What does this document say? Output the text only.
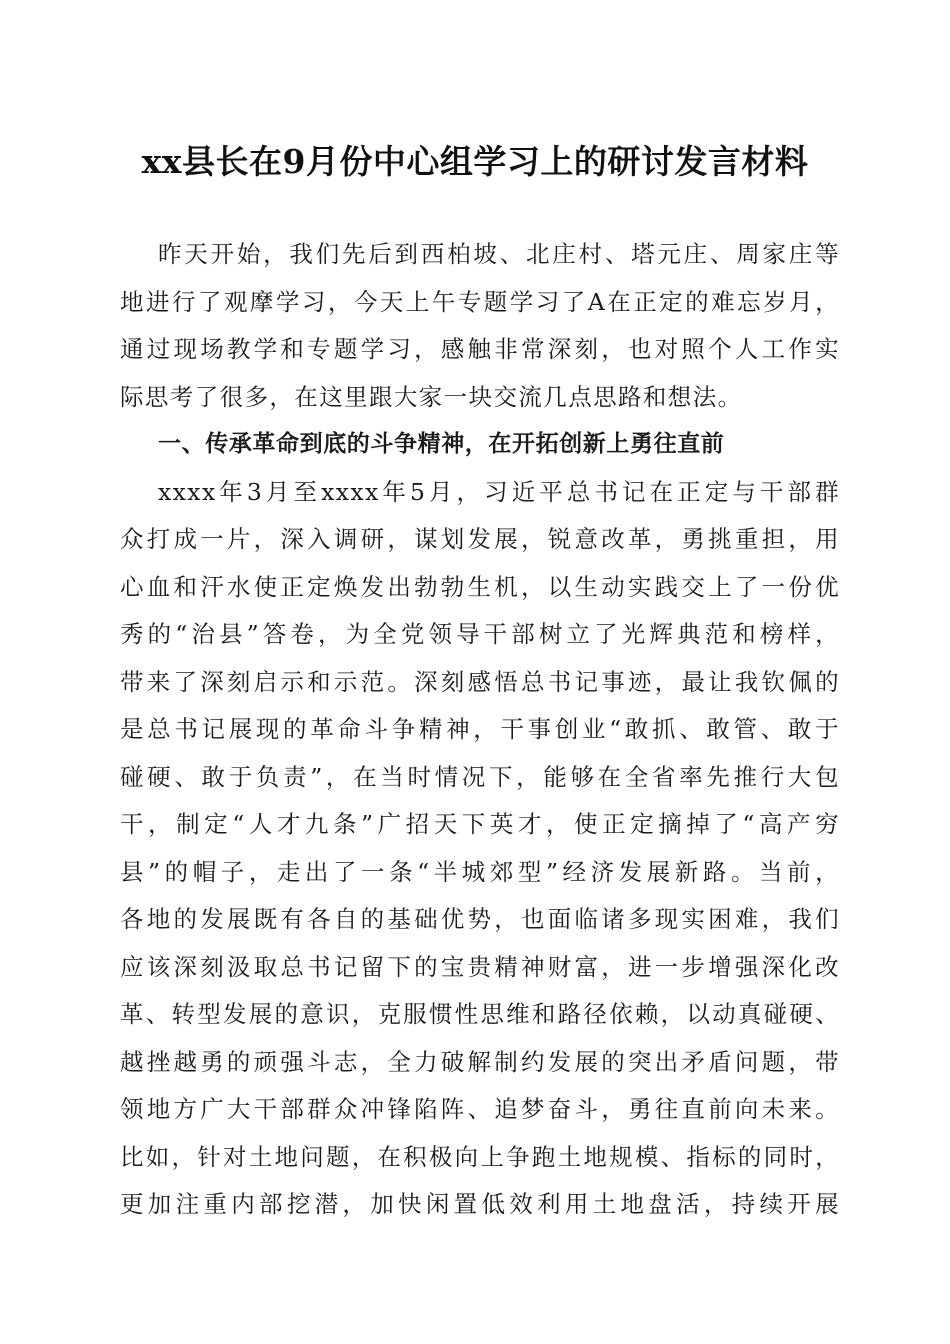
xx县长在9月份中心组学习上的研讨发言材料
昨天开始，我们先后到西柏坡、北庄村、塔元庄、周家庄等
地进行了观摩学习，今天上午专题学习了A在正定的难忘岁月，
通过现场教学和专题学习，感触非常深刻，也对照个人工作实
际思考了很多，在这里跟大家一块交流几点思路和想法。
一、传承革命到底的斗争精神，在开拓创新上勇往直前
xxxx年3月至xxxx年5月，习近平总书记在正定与干部群
众打成一片，深入调研，谋划发展，锐意改革，勇挑重担，用
心血和汗水使正定焕发出勃勃生机，以生动实践交上了一份优
秀的“治县”答卷，为全党领导干部树立了光辉典范和榜样，
带来了深刻启示和示范。深刻感悟总书记事迹，最让我钦佩的
是总书记展现的革命斗争精神，干事创业“敢抓、敢管、敢于
碰硬、敢于负责”，在当时情况下，能够在全省率先推行大包
干，制定“人才九条”广招天下英才，使正定摘掉了“高产穷
县”的帽子，走出了一条“半城郊型”经济发展新路。当前，
各地的发展既有各自的基础优势，也面临诸多现实困难，我们
应该深刻汲取总书记留下的宝贵精神财富，进一步增强深化改
革、转型发展的意识，克服惯性思维和路径依赖，以动真碰硬、
越挫越勇的顽强斗志，全力破解制约发展的突出矛盾问题，带
领地方广大干部群众冲锋陷阵、追梦奋斗，勇往直前向未来。
比如，针对土地问题，在积极向上争跑土地规模、指标的同时，
更加注重内部挖潜，加快闲置低效利用土地盘活，持续开展
